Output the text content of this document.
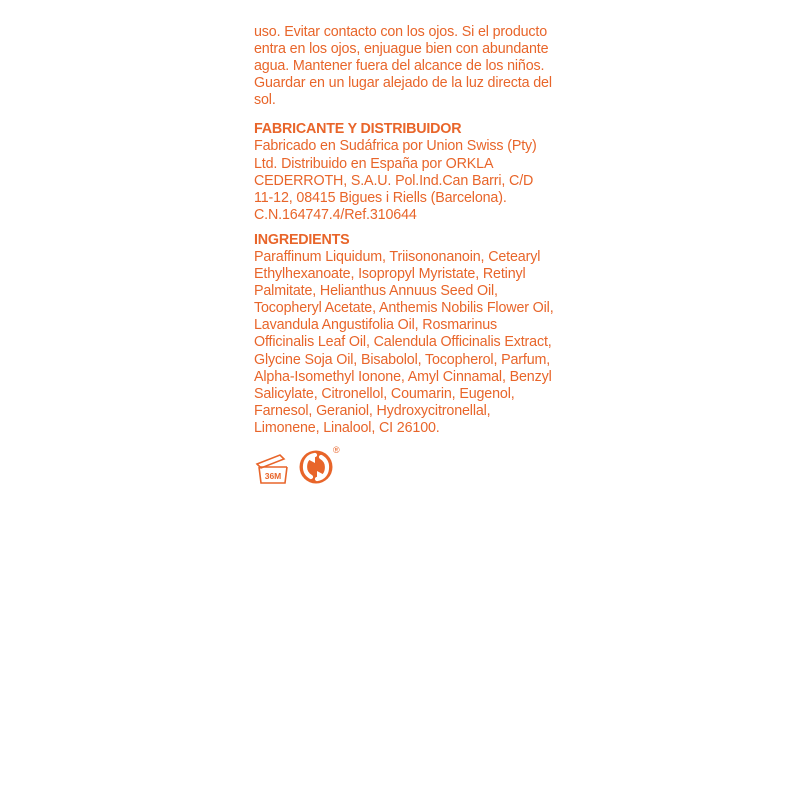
uso. Evitar contacto con los ojos. Si el producto entra en los ojos, enjuague bien con abundante agua. Mantener fuera del alcance de los niños. Guardar en un lugar alejado de la luz directa del sol.

FABRICANTE Y DISTRIBUIDOR

Fabricado en Sudáfrica por Union Swiss (Pty) Ltd. Distribuido en España por ORKLA CEDERROTH, S.A.U. Pol.Ind.Can Barri, C/D 11-12, 08415 Bigues i Riells (Barcelona).

C.N.164747.4/Ref.310644

INGREDIENTS

Paraffinum Liquidum, Triisononanoin, Cetearyl Ethylhexanoate, Isopropyl Myristate, Retinyl Palmitate, Helianthus Annuus Seed Oil, Tocopheryl Acetate, Anthemis Nobilis Flower Oil, Lavandula Angustifolia Oil, Rosmarinus Officinalis Leaf Oil, Calendula Officinalis Extract, Glycine Soja Oil, Bisabolol, Tocopherol, Parfum, Alpha-Isomethyl Ionone, Amyl Cinnamal, Benzyl Salicylate, Citronellol, Coumarin, Eugenol, Farnesol, Geraniol, Hydroxycitronellal, Limonene, Linalool, CI 26100.

36M
®
